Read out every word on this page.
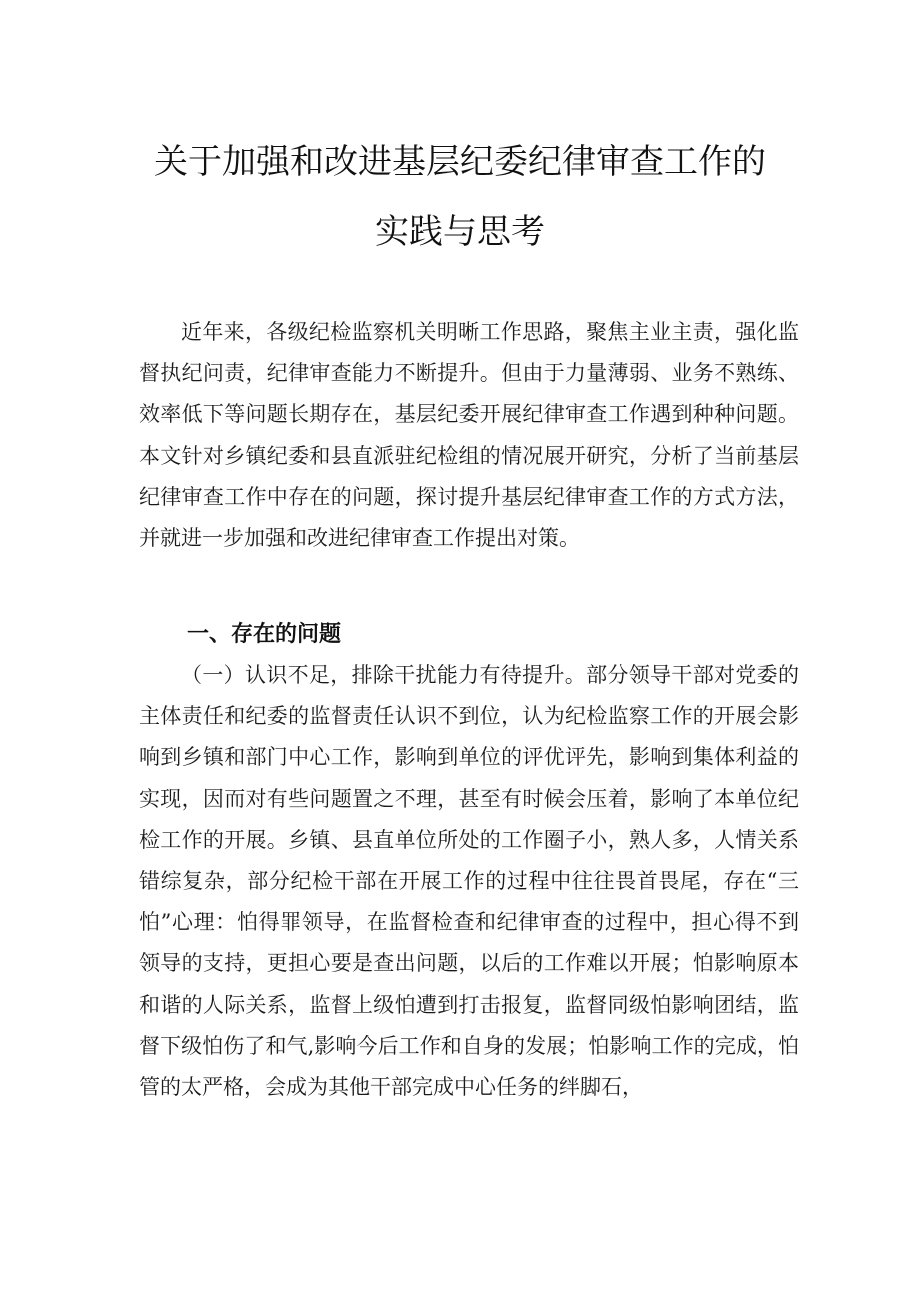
关于加强和改进基层纪委纪律审查工作的
实践与思考

近年来，各级纪检监察机关明晰工作思路，聚焦主业主责，强化监督执纪问责，纪律审查能力不断提升。但由于力量薄弱、业务不熟练、效率低下等问题长期存在，基层纪委开展纪律审查工作遇到种种问题。本文针对乡镇纪委和县直派驻纪检组的情况展开研究，分析了当前基层纪律审查工作中存在的问题，探讨提升基层纪律审查工作的方式方法，并就进一步加强和改进纪律审查工作提出对策。

一、存在的问题

（一）认识不足，排除干扰能力有待提升。部分领导干部对党委的主体责任和纪委的监督责任认识不到位，认为纪检监察工作的开展会影响到乡镇和部门中心工作，影响到单位的评优评先，影响到集体利益的实现，因而对有些问题置之不理，甚至有时候会压着，影响了本单位纪检工作的开展。乡镇、县直单位所处的工作圈子小，熟人多，人情关系错综复杂，部分纪检干部在开展工作的过程中往往畏首畏尾，存在“三怕”心理：怕得罪领导，在监督检查和纪律审查的过程中，担心得不到领导的支持，更担心要是查出问题，以后的工作难以开展；怕影响原本和谐的人际关系，监督上级怕遭到打击报复，监督同级怕影响团结，监督下级怕伤了和气,影响今后工作和自身的发展；怕影响工作的完成，怕管的太严格，会成为其他干部完成中心任务的绊脚石，
